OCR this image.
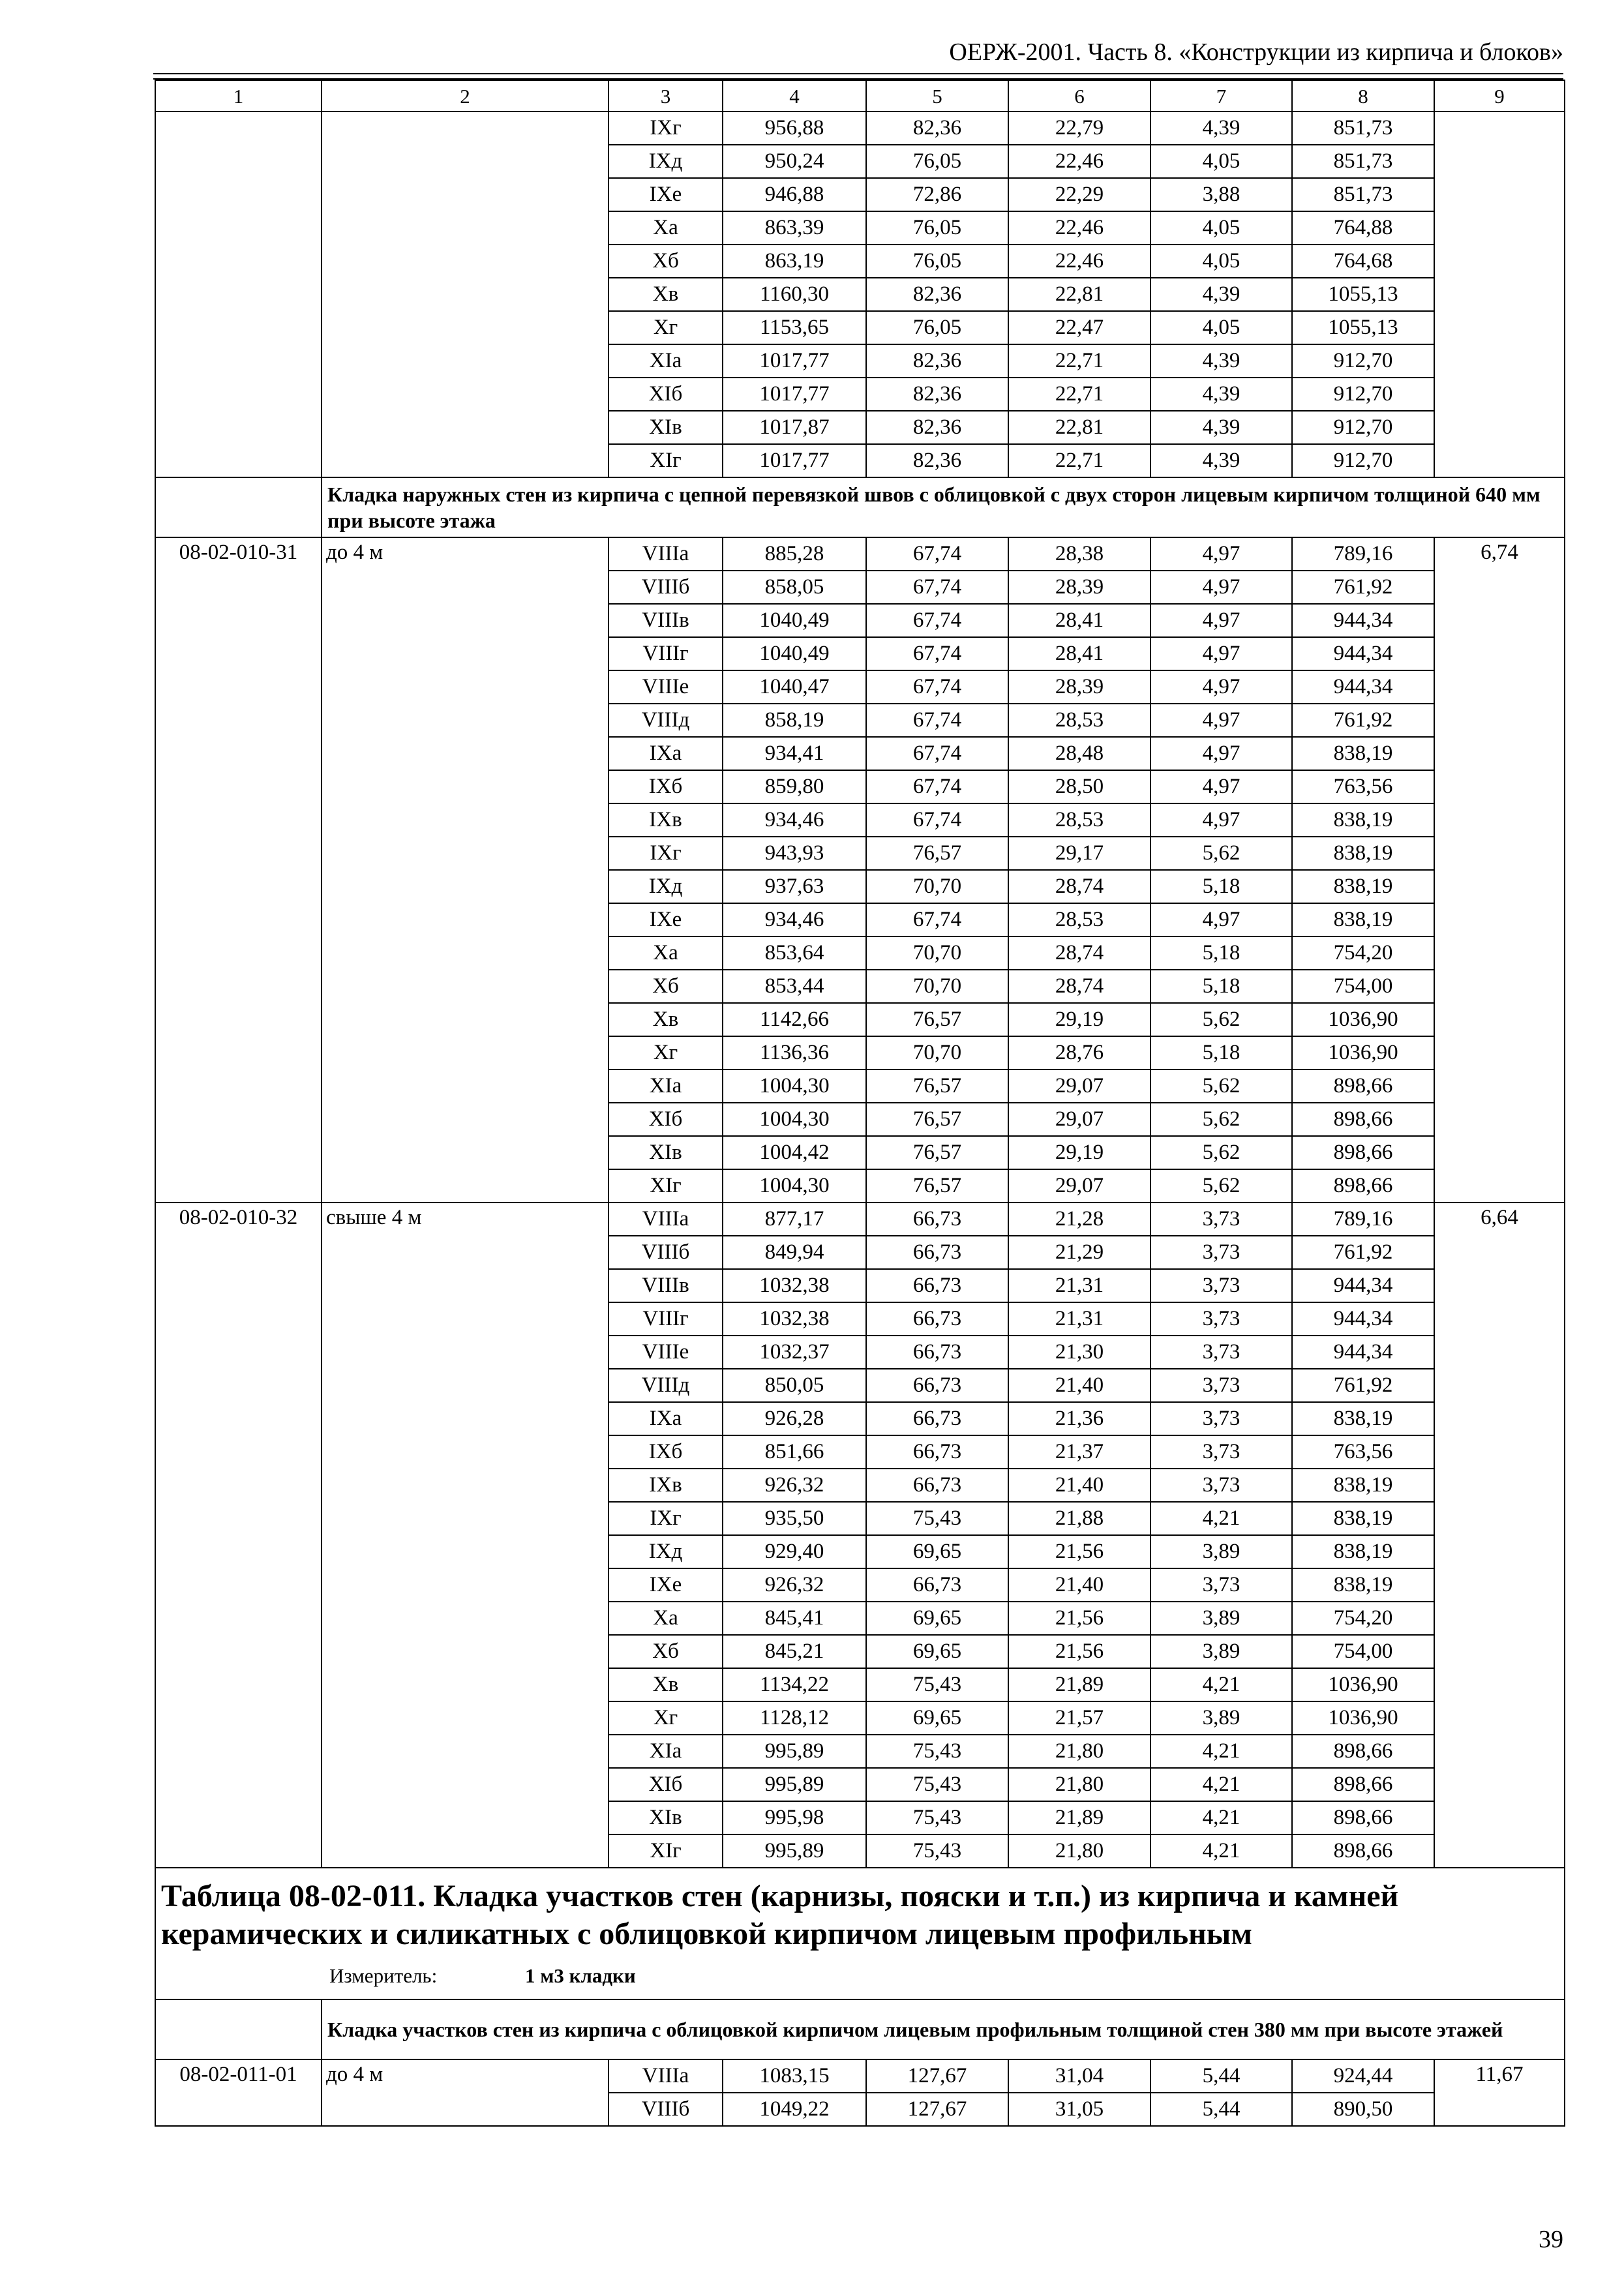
ОЕРЖ-2001. Часть 8. «Конструкции из кирпича и блоков»
1	2	3	4	5	6	7	8	9
		IXг	956,88	82,36	22,79	4,39	851,73	
		IXд	950,24	76,05	22,46	4,05	851,73	
		IXе	946,88	72,86	22,29	3,88	851,73	
		Xа	863,39	76,05	22,46	4,05	764,88	
		Xб	863,19	76,05	22,46	4,05	764,68	
		Xв	1160,30	82,36	22,81	4,39	1055,13	
		Xг	1153,65	76,05	22,47	4,05	1055,13	
		XIа	1017,77	82,36	22,71	4,39	912,70	
		XIб	1017,77	82,36	22,71	4,39	912,70	
		XIв	1017,87	82,36	22,81	4,39	912,70	
		XIг	1017,77	82,36	22,71	4,39	912,70	
	Кладка наружных стен из кирпича с цепной перевязкой швов с облицовкой с двух сторон лицевым кирпичом толщиной 640 мм при высоте этажа							
08-02-010-31	до 4 м	VIIIа	885,28	67,74	28,38	4,97	789,16	6,74
		VIIIб	858,05	67,74	28,39	4,97	761,92	
		VIIIв	1040,49	67,74	28,41	4,97	944,34	
		VIIIг	1040,49	67,74	28,41	4,97	944,34	
		VIIIе	1040,47	67,74	28,39	4,97	944,34	
		VIIIд	858,19	67,74	28,53	4,97	761,92	
		IXа	934,41	67,74	28,48	4,97	838,19	
		IXб	859,80	67,74	28,50	4,97	763,56	
		IXв	934,46	67,74	28,53	4,97	838,19	
		IXг	943,93	76,57	29,17	5,62	838,19	
		IXд	937,63	70,70	28,74	5,18	838,19	
		IXе	934,46	67,74	28,53	4,97	838,19	
		Xа	853,64	70,70	28,74	5,18	754,20	
		Xб	853,44	70,70	28,74	5,18	754,00	
		Xв	1142,66	76,57	29,19	5,62	1036,90	
		Xг	1136,36	70,70	28,76	5,18	1036,90	
		XIа	1004,30	76,57	29,07	5,62	898,66	
		XIб	1004,30	76,57	29,07	5,62	898,66	
		XIв	1004,42	76,57	29,19	5,62	898,66	
		XIг	1004,30	76,57	29,07	5,62	898,66	
08-02-010-32	свыше 4 м	VIIIа	877,17	66,73	21,28	3,73	789,16	6,64
		VIIIб	849,94	66,73	21,29	3,73	761,92	
		VIIIв	1032,38	66,73	21,31	3,73	944,34	
		VIIIг	1032,38	66,73	21,31	3,73	944,34	
		VIIIе	1032,37	66,73	21,30	3,73	944,34	
		VIIIд	850,05	66,73	21,40	3,73	761,92	
		IXа	926,28	66,73	21,36	3,73	838,19	
		IXб	851,66	66,73	21,37	3,73	763,56	
		IXв	926,32	66,73	21,40	3,73	838,19	
		IXг	935,50	75,43	21,88	4,21	838,19	
		IXд	929,40	69,65	21,56	3,89	838,19	
		IXе	926,32	66,73	21,40	3,73	838,19	
		Xа	845,41	69,65	21,56	3,89	754,20	
		Xб	845,21	69,65	21,56	3,89	754,00	
		Xв	1134,22	75,43	21,89	4,21	1036,90	
		Xг	1128,12	69,65	21,57	3,89	1036,90	
		XIа	995,89	75,43	21,80	4,21	898,66	
		XIб	995,89	75,43	21,80	4,21	898,66	
		XIв	995,98	75,43	21,89	4,21	898,66	
		XIг	995,89	75,43	21,80	4,21	898,66	
Таблица 08-02-011. Кладка участков стен (карнизы, пояски и т.п.) из кирпича и камней керамических и силикатных с облицовкой кирпичом лицевым профильным
Измеритель: 1 м3 кладки								

	Кладка участков стен из кирпича с облицовкой кирпичом лицевым профильным толщиной стен 380 мм при высоте этажей							
08-02-011-01	до 4 м	VIIIа	1083,15	127,67	31,04	5,44	924,44	11,67
		VIIIб	1049,22	127,67	31,05	5,44	890,50	
39
